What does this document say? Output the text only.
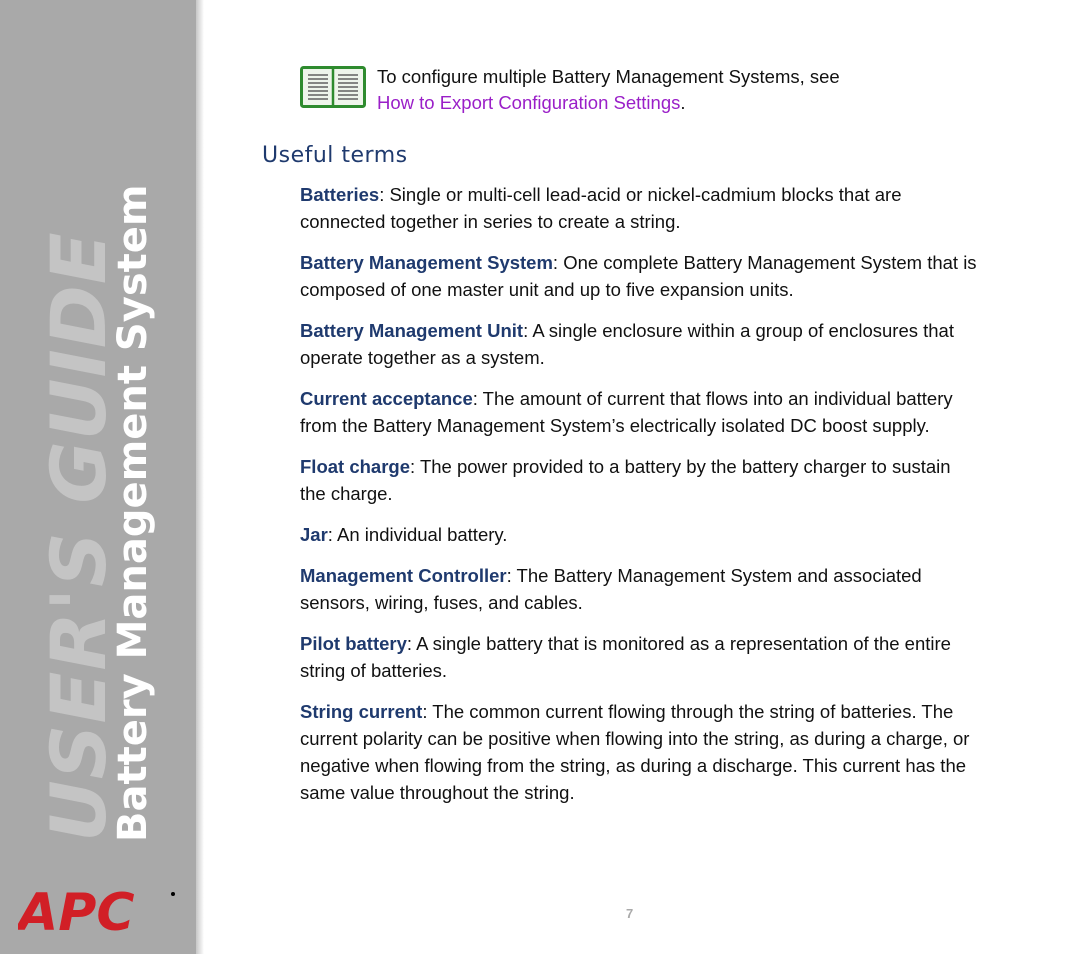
USER'S GUIDE
Battery Management System
APC
To configure multiple Battery Management Systems, see
How to Export Configuration Settings.
Useful terms

Batteries: Single or multi-cell lead-acid or nickel-cadmium blocks that are connected together in series to create a string.

Battery Management System: One complete Battery Management System that is composed of one master unit and up to five expansion units.

Battery Management Unit: A single enclosure within a group of enclosures that operate together as a system.

Current acceptance: The amount of current that flows into an individual battery from the Battery Management System’s electrically isolated DC boost supply.

Float charge: The power provided to a battery by the battery charger to sustain the charge.

Jar: An individual battery.

Management Controller: The Battery Management System and associated sensors, wiring, fuses, and cables.

Pilot battery: A single battery that is monitored as a representation of the entire string of batteries.

String current: The common current flowing through the string of batteries. The current polarity can be positive when flowing into the string, as during a charge, or negative when flowing from the string, as during a discharge. This current has the same value throughout the string.

7
